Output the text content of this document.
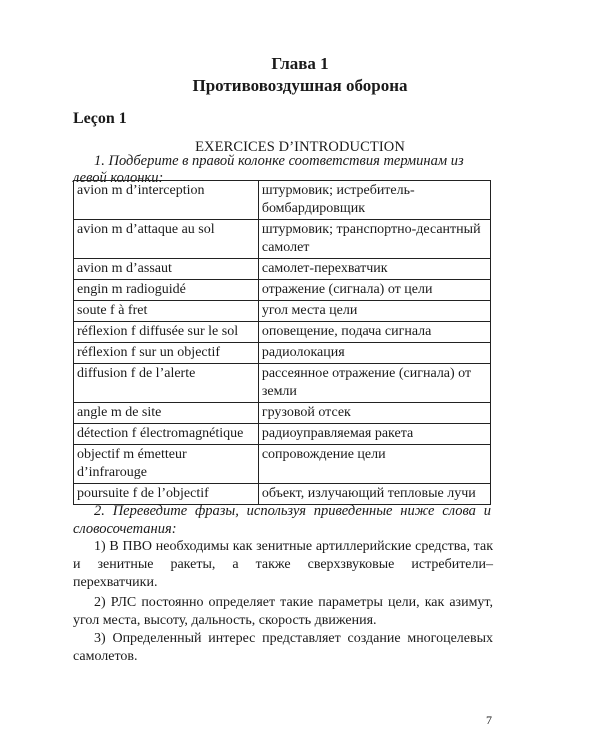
Глава 1
Противовоздушная оборона
Leçon 1
EXERCICES D’INTRODUCTION
1. Подберите в правой колонке соответствия терминам из левой колонки:
avion m d’interception	штурмовик; истребитель-бомбардировщик
avion m d’attaque au sol	штурмовик; транспортно-десантный самолет
avion m d’assaut	самолет-перехватчик
engin m radioguidé	отражение (сигнала) от цели
soute f à fret	угол места цели
réflexion f diffusée sur le sol	оповещение, подача сигнала
réflexion f sur un objectif	радиолокация
diffusion f de l’alerte	рассеянное отражение (сигнала) от земли
angle m de site	грузовой отсек
détection f électromagnétique	радиоуправляемая ракета
objectif m émetteur d’infrarouge	сопровождение цели
poursuite f de l’objectif	объект, излучающий тепловые лучи
2. Переведите фразы, используя приведенные ниже слова и словосочетания:
1) В ПВО необходимы как зенитные артиллерийские средства, так и зенитные ракеты, а также сверхзвуковые истребители–перехватчики.
2) РЛС постоянно определяет такие параметры цели, как азимут, угол места, высоту, дальность, скорость движения.
3) Определенный интерес представляет создание многоцелевых самолетов.
7
